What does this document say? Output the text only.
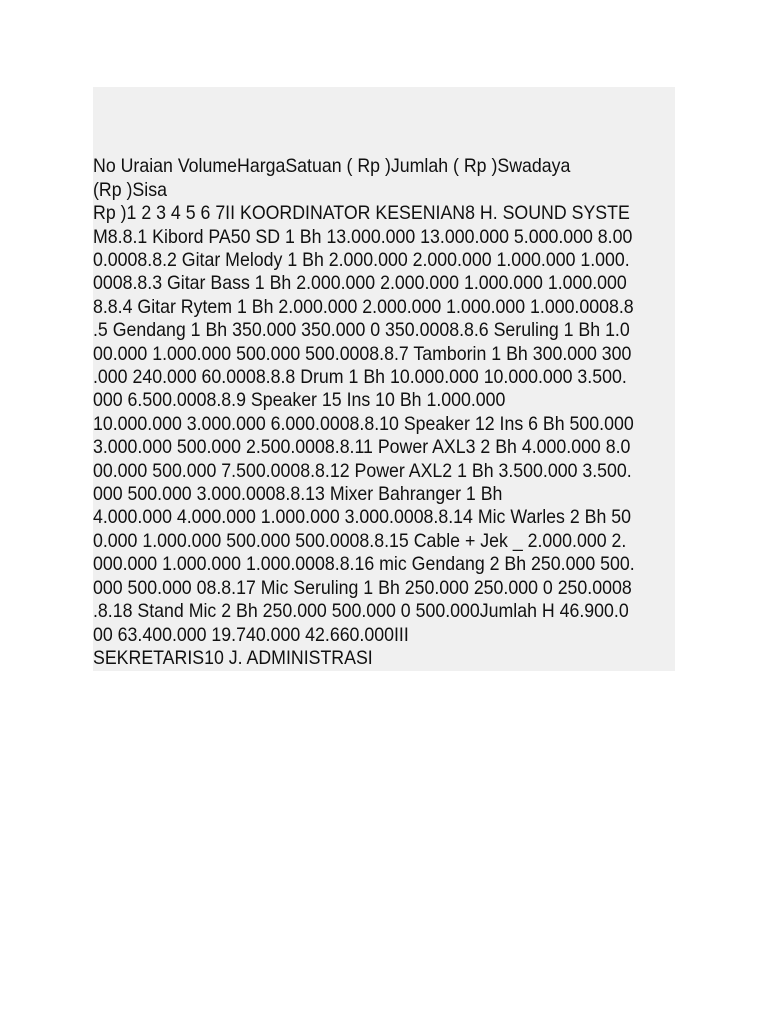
No Uraian VolumeHargaSatuan ( Rp )Jumlah ( Rp )Swadaya
(Rp )Sisa
Rp )1 2 3 4 5 6 7II KOORDINATOR KESENIAN8 H. SOUND SYSTE
M8.8.1 Kibord PA50 SD 1 Bh 13.000.000 13.000.000 5.000.000 8.00
0.0008.8.2 Gitar Melody 1 Bh 2.000.000 2.000.000 1.000.000 1.000.
0008.8.3 Gitar Bass 1 Bh 2.000.000 2.000.000 1.000.000 1.000.000
8.8.4 Gitar Rytem 1 Bh 2.000.000 2.000.000 1.000.000 1.000.0008.8
.5 Gendang 1 Bh 350.000 350.000 0 350.0008.8.6 Seruling 1 Bh 1.0
00.000 1.000.000 500.000 500.0008.8.7 Tamborin 1 Bh 300.000 300
.000 240.000 60.0008.8.8 Drum 1 Bh 10.000.000 10.000.000 3.500.
000 6.500.0008.8.9 Speaker 15 Ins 10 Bh 1.000.000
10.000.000 3.000.000 6.000.0008.8.10 Speaker 12 Ins 6 Bh 500.000
3.000.000 500.000 2.500.0008.8.11 Power AXL3 2 Bh 4.000.000 8.0
00.000 500.000 7.500.0008.8.12 Power AXL2 1 Bh 3.500.000 3.500.
000 500.000 3.000.0008.8.13 Mixer Bahranger 1 Bh
4.000.000 4.000.000 1.000.000 3.000.0008.8.14 Mic Warles 2 Bh 50
0.000 1.000.000 500.000 500.0008.8.15 Cable + Jek _ 2.000.000 2.
000.000 1.000.000 1.000.0008.8.16 mic Gendang 2 Bh 250.000 500.
000 500.000 08.8.17 Mic Seruling 1 Bh 250.000 250.000 0 250.0008
.8.18 Stand Mic 2 Bh 250.000 500.000 0 500.000Jumlah H 46.900.0
00 63.400.000 19.740.000 42.660.000III
SEKRETARIS10 J. ADMINISTRASI
